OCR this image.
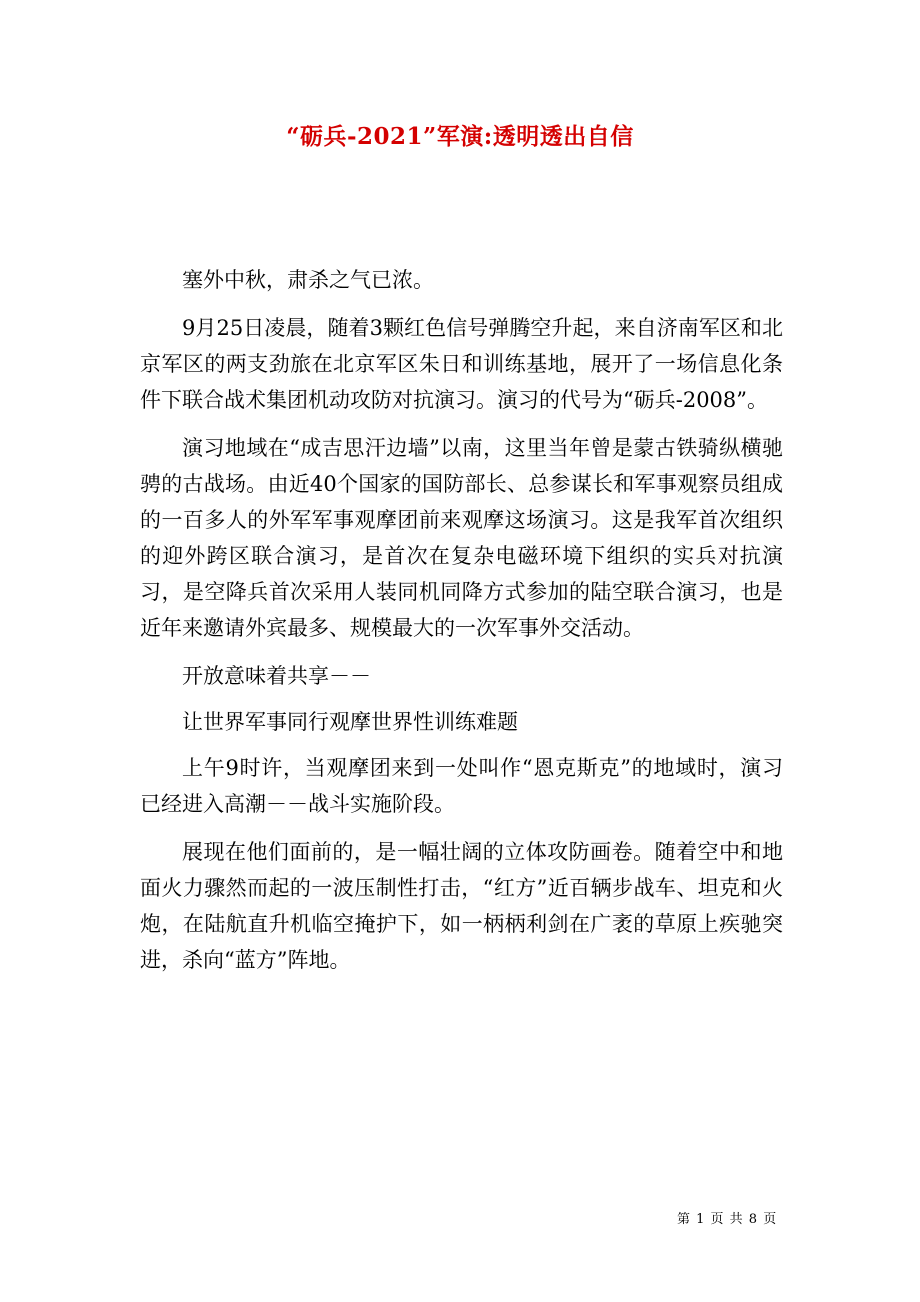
“砺兵-2021”军演:透明透出自信

塞外中秋，肃杀之气已浓。

9月25日凌晨，随着3颗红色信号弹腾空升起，来自济南军区和北京军区的两支劲旅在北京军区朱日和训练基地，展开了一场信息化条件下联合战术集团机动攻防对抗演习。演习的代号为“砺兵-2008”。

演习地域在“成吉思汗边墙”以南，这里当年曾是蒙古铁骑纵横驰骋的古战场。由近40个国家的国防部长、总参谋长和军事观察员组成的一百多人的外军军事观摩团前来观摩这场演习。这是我军首次组织的迎外跨区联合演习，是首次在复杂电磁环境下组织的实兵对抗演习，是空降兵首次采用人装同机同降方式参加的陆空联合演习，也是近年来邀请外宾最多、规模最大的一次军事外交活动。

开放意味着共享－－

让世界军事同行观摩世界性训练难题

上午9时许，当观摩团来到一处叫作“恩克斯克”的地域时，演习已经进入高潮－－战斗实施阶段。

展现在他们面前的，是一幅壮阔的立体攻防画卷。随着空中和地面火力骤然而起的一波压制性打击，“红方”近百辆步战车、坦克和火炮，在陆航直升机临空掩护下，如一柄柄利剑在广袤的草原上疾驰突进，杀向“蓝方”阵地。

第 1 页 共 8 页
